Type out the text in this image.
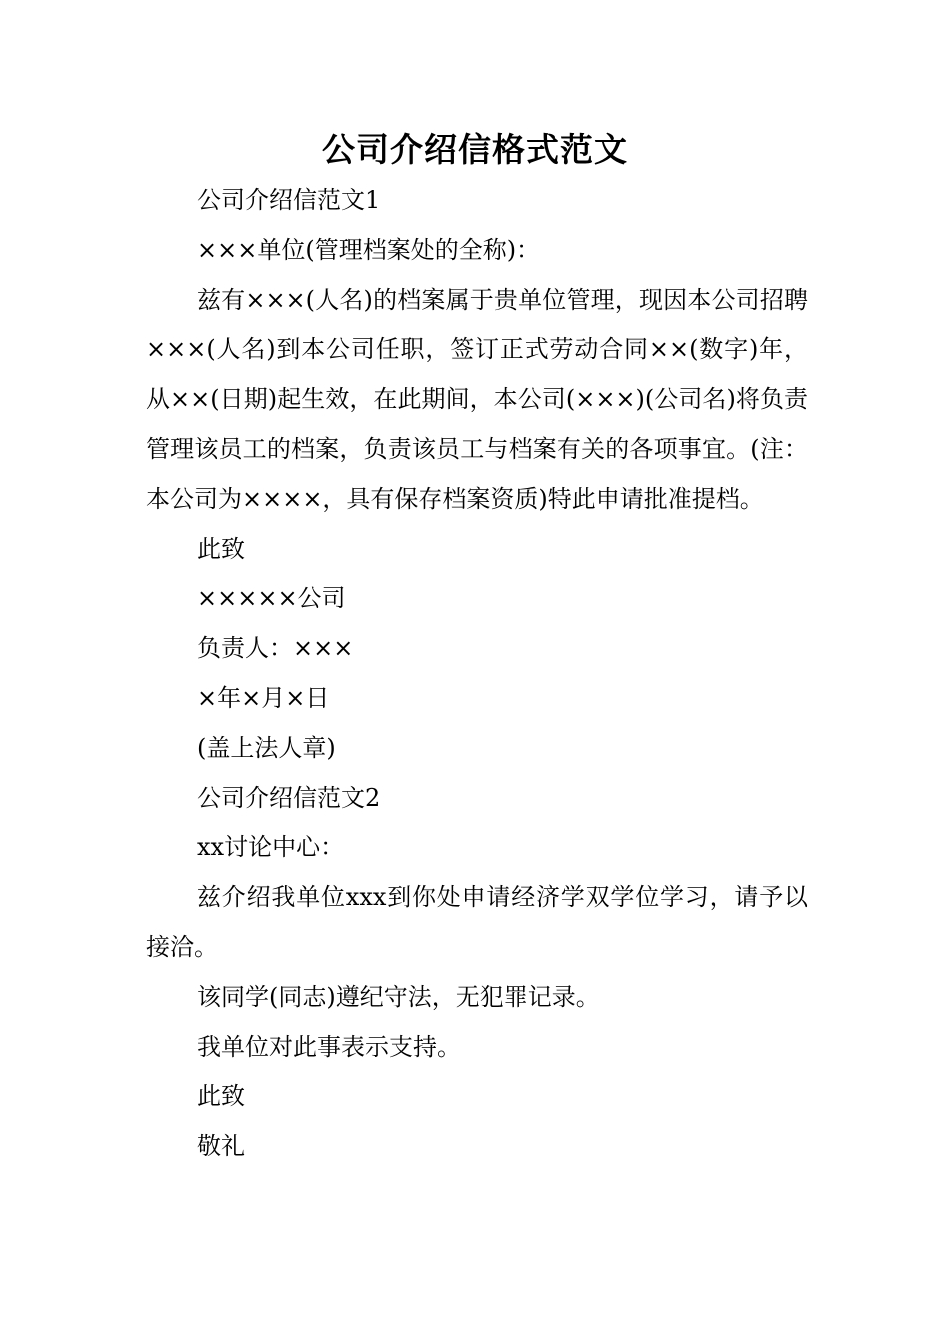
公司介绍信格式范文

公司介绍信范文1

×××单位(管理档案处的全称)：

兹有×××(人名)的档案属于贵单位管理，现因本公司招聘×××(人名)到本公司任职，签订正式劳动合同××(数字)年，从××(日期)起生效，在此期间，本公司(×××)(公司名)将负责管理该员工的档案，负责该员工与档案有关的各项事宜。(注：本公司为××××，具有保存档案资质)特此申请批准提档。

此致

×××××公司

负责人：×××

×年×月×日

(盖上法人章)

公司介绍信范文2

xx讨论中心：

兹介绍我单位xxx到你处申请经济学双学位学习，请予以接洽。

该同学(同志)遵纪守法，无犯罪记录。

我单位对此事表示支持。

此致

敬礼
